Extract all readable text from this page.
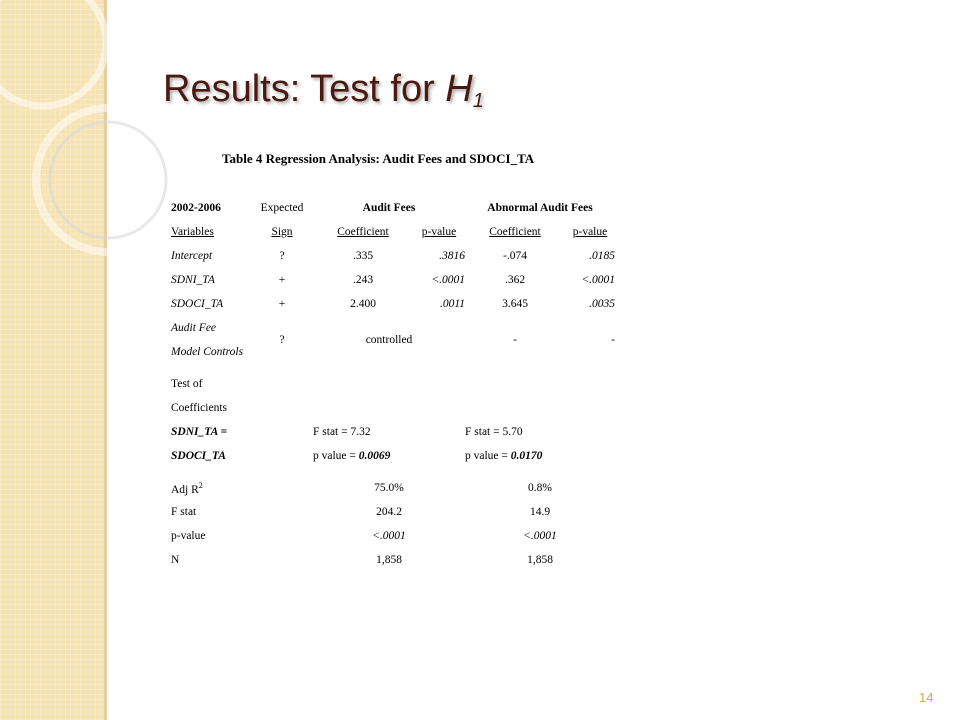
Results: Test for $H_1$
Table 4 Regression Analysis: Audit Fees and SDOCI_TA
2002-2006	Expected	Audit Fees		Abnormal Audit Fees	
Variables	Sign	Coefficient	p-value	Coefficient	p-value
Intercept	?	.335	.3816	-.074	.0185
SDNI_TA	+	.243	<.0001	.362	<.0001
SDOCI_TA	+	2.400	.0011	3.645	.0035
Audit Fee	?	controlled		-	-
Model Controls					

Test of					
Coefficients					
SDNI_TA =		F stat = 7.32		F stat = 5.70	
SDOCI_TA		p value = 0.0069		p value = 0.0170	

Adj $R^2$		75.0%		0.8%	
F stat		204.2		14.9	
p-value		<.0001		<.0001	
N		1,858		1,858	
14
